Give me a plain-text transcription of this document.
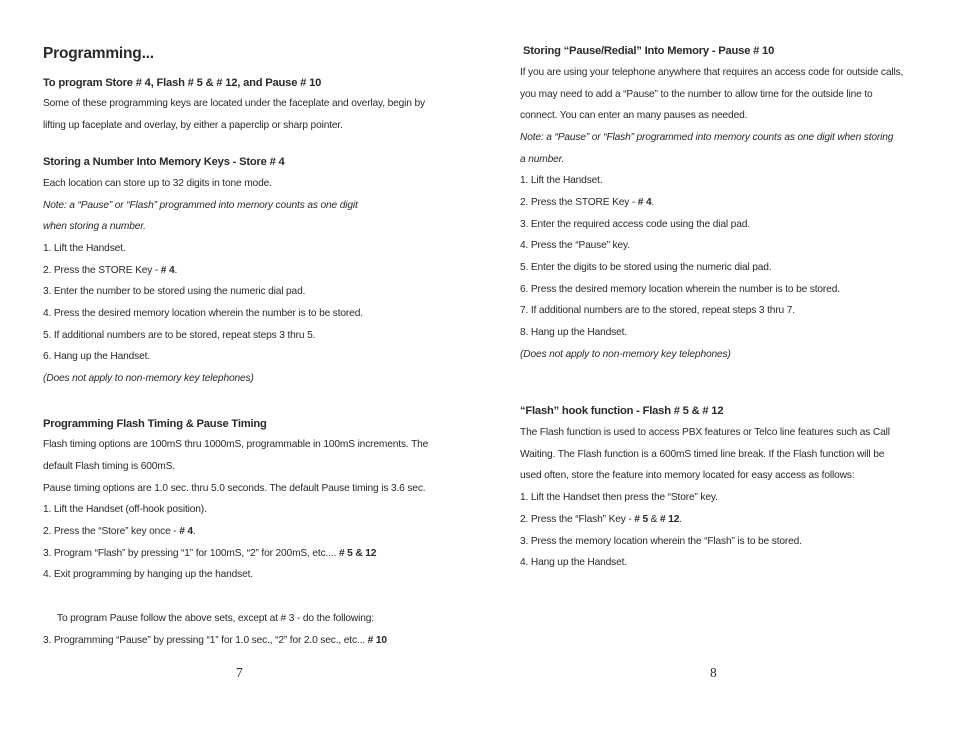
Programming...
To program Store # 4, Flash # 5 & # 12, and Pause # 10
Some of these programming keys are located under the faceplate and overlay, begin by
lifting up faceplate and overlay, by either a paperclip or sharp pointer.
Storing a Number Into Memory Keys - Store # 4
Each location can store up to 32 digits in tone mode.
Note: a “Pause” or “Flash” programmed into memory counts as one digit
when storing a number.
1. Lift the Handset.
2. Press the STORE Key - # 4.
3. Enter the number to be stored using the numeric dial pad.
4. Press the desired memory location wherein the number is to be stored.
5. If additional numbers are to be stored, repeat steps 3 thru 5.
6. Hang up the Handset.
(Does not apply to non-memory key telephones)
Programming Flash Timing & Pause Timing
Flash timing options are 100mS thru 1000mS, programmable in 100mS increments. The
default Flash timing is 600mS.
Pause timing options are 1.0 sec. thru 5.0 seconds. The default Pause timing is 3.6 sec.
1. Lift the Handset (off-hook position).
2. Press the “Store” key once - # 4.
3. Program “Flash” by pressing “1” for 100mS, “2” for 200mS, etc.... # 5 & 12
4. Exit programming by hanging up the handset.
To program Pause follow the above sets, except at # 3 - do the following:
3. Programming “Pause” by pressing “1” for 1.0 sec., “2” for 2.0 sec., etc... # 10
7
Storing “Pause/Redial” Into Memory - Pause # 10
If you are using your telephone anywhere that requires an access code for outside calls,
you may need to add a “Pause” to the number to allow time for the outside line to
connect. You can enter an many pauses as needed.
Note: a “Pause” or “Flash” programmed into memory counts as one digit when storing
a number.
1. Lift the Handset.
2. Press the STORE Key - # 4.
3. Enter the required access code using the dial pad.
4. Press the “Pause” key.
5. Enter the digits to be stored using the numeric dial pad.
6. Press the desired memory location wherein the number is to be stored.
7. If additional numbers are to the stored, repeat steps 3 thru 7.
8. Hang up the Handset.
(Does not apply to non-memory key telephones)
“Flash” hook function - Flash # 5 & # 12
The Flash function is used to access PBX features or Telco line features such as Call
Waiting. The Flash function is a 600mS timed line break. If the Flash function will be
used often, store the feature into memory located for easy access as follows:
1. Lift the Handset then press the “Store” key.
2. Press the “Flash” Key - # 5 & # 12.
3. Press the memory location wherein the “Flash” is to be stored.
4. Hang up the Handset.
8
